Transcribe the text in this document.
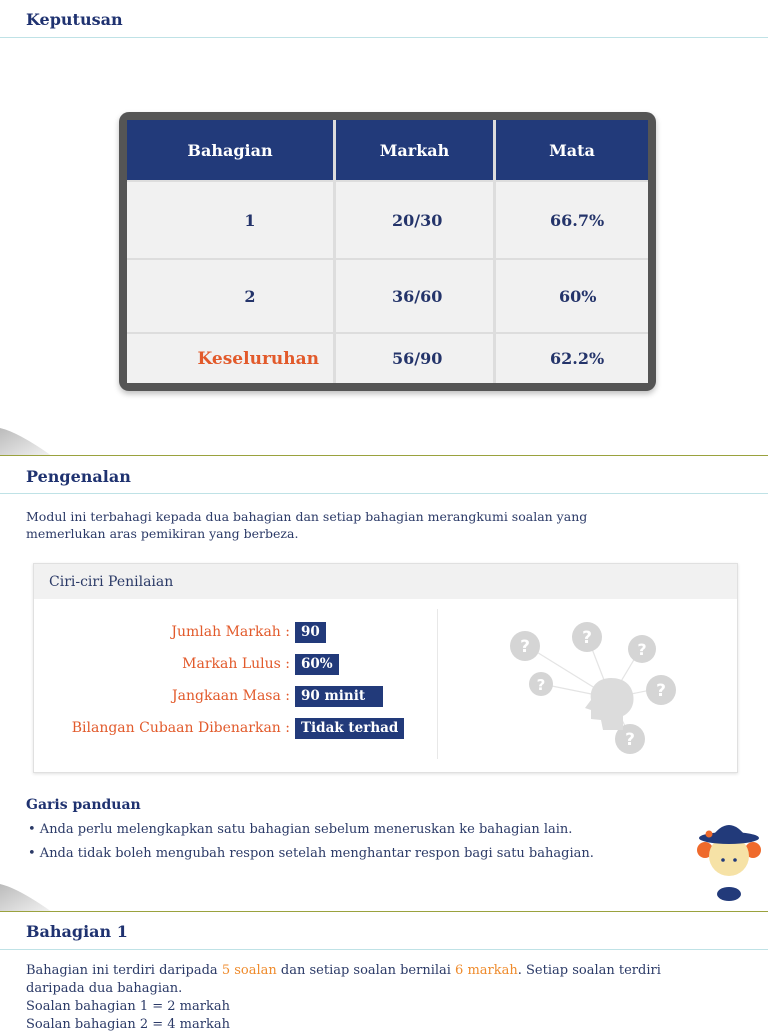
Keputusan
Bahagian	Markah	Mata
1	20/30	66.7%
2	36/60	60%
Keseluruhan	56/90	62.2%
Pengenalan
Modul ini terbahagi kepada dua bahagian dan setiap bahagian merangkumi soalan yang memerlukan aras pemikiran yang berbeza.
Ciri-ciri Penilaian
Jumlah Markah : 90
Markah Lulus : 60%
Jangkaan Masa : 90 minit
Bilangan Cubaan Dibenarkan : Tidak terhad
?	?
?
?	?
?
Garis panduan
• Anda perlu melengkapkan satu bahagian sebelum meneruskan ke bahagian lain.
• Anda tidak boleh mengubah respon setelah menghantar respon bagi satu bahagian.
Bahagian 1
Bahagian ini terdiri daripada 5 soalan dan setiap soalan bernilai 6 markah. Setiap soalan terdiri daripada dua bahagian.
Soalan bahagian 1 = 2 markah
Soalan bahagian 2 = 4 markah
